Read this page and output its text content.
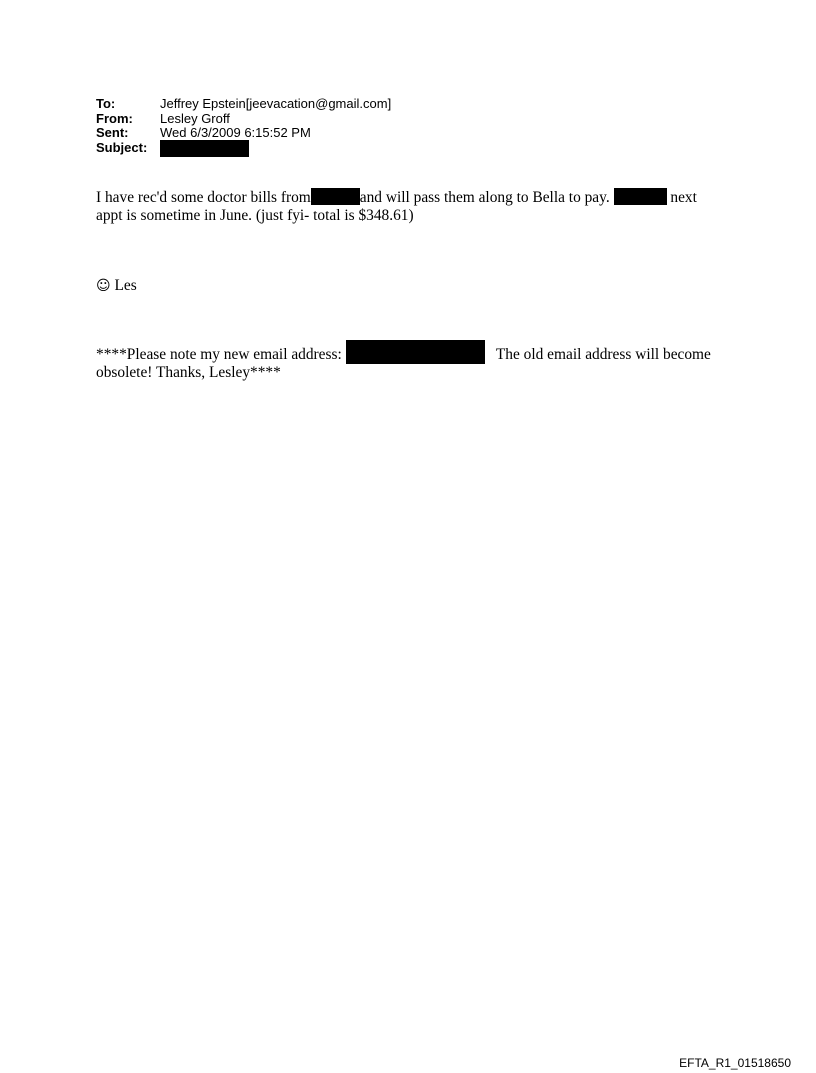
To:	Jeffrey Epstein[jeevacation@gmail.com]
From:	Lesley Groff
Sent:	Wed 6/3/2009 6:15:52 PM
Subject:
I have rec'd some doctor bills from	and will pass them along to Bella to pay.	next
appt is sometime in June. (just fyi- total is $348.61)
☺ Les
****Please note my new email address:	The old email address will become
obsolete! Thanks, Lesley****
EFTA_R1_01518650
